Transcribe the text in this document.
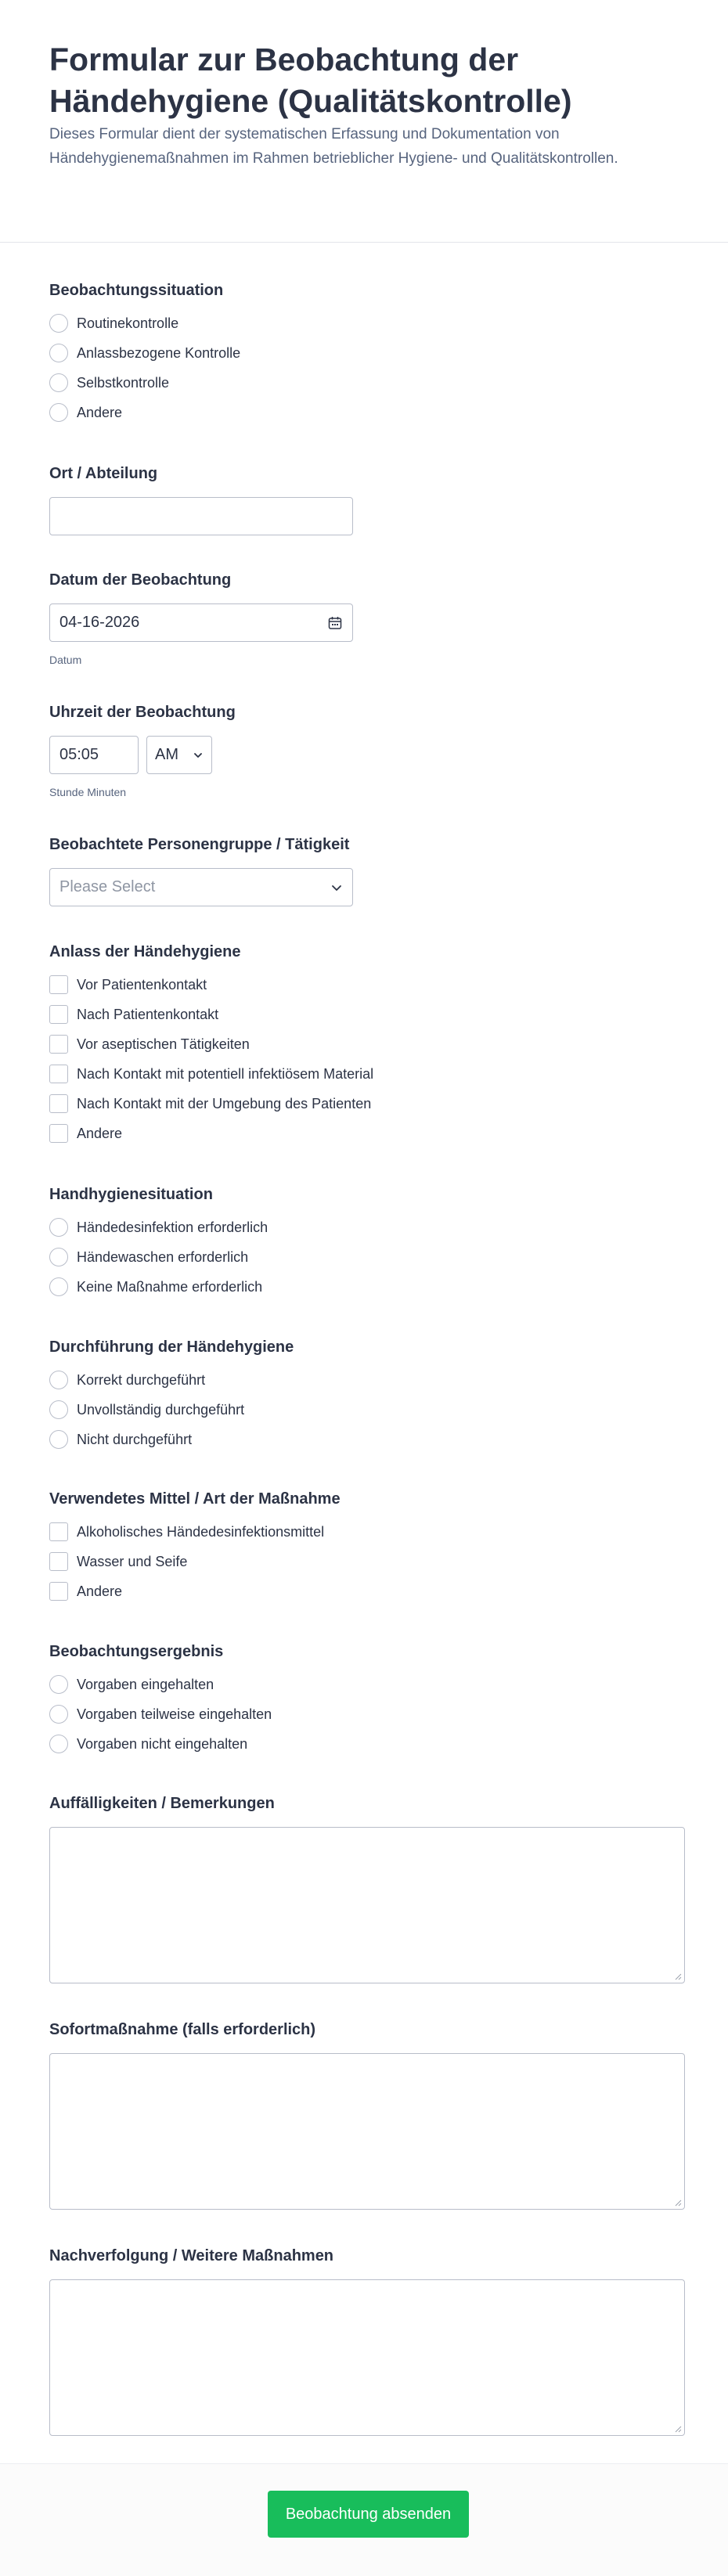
Formular zur Beobachtung der Händehygiene (Qualitätskontrolle)
Dieses Formular dient der systematischen Erfassung und Dokumentation von Händehygienemaßnahmen im Rahmen betrieblicher Hygiene- und Qualitätskontrollen.
Beobachtungssituation
Routinekontrolle
Anlassbezogene Kontrolle
Selbstkontrolle
Andere
Ort / Abteilung
Datum der Beobachtung
04-16-2026
Datum
Uhrzeit der Beobachtung
05:05	AM
Stunde Minuten
Beobachtete Personengruppe / Tätigkeit
Please Select
Anlass der Händehygiene
Vor Patientenkontakt
Nach Patientenkontakt
Vor aseptischen Tätigkeiten
Nach Kontakt mit potentiell infektiösem Material
Nach Kontakt mit der Umgebung des Patienten
Andere
Handhygienesituation
Händedesinfektion erforderlich
Händewaschen erforderlich
Keine Maßnahme erforderlich
Durchführung der Händehygiene
Korrekt durchgeführt
Unvollständig durchgeführt
Nicht durchgeführt
Verwendetes Mittel / Art der Maßnahme
Alkoholisches Händedesinfektionsmittel
Wasser und Seife
Andere
Beobachtungsergebnis
Vorgaben eingehalten
Vorgaben teilweise eingehalten
Vorgaben nicht eingehalten
Auffälligkeiten / Bemerkungen
Sofortmaßnahme (falls erforderlich)
Nachverfolgung / Weitere Maßnahmen
Beobachtung absenden
